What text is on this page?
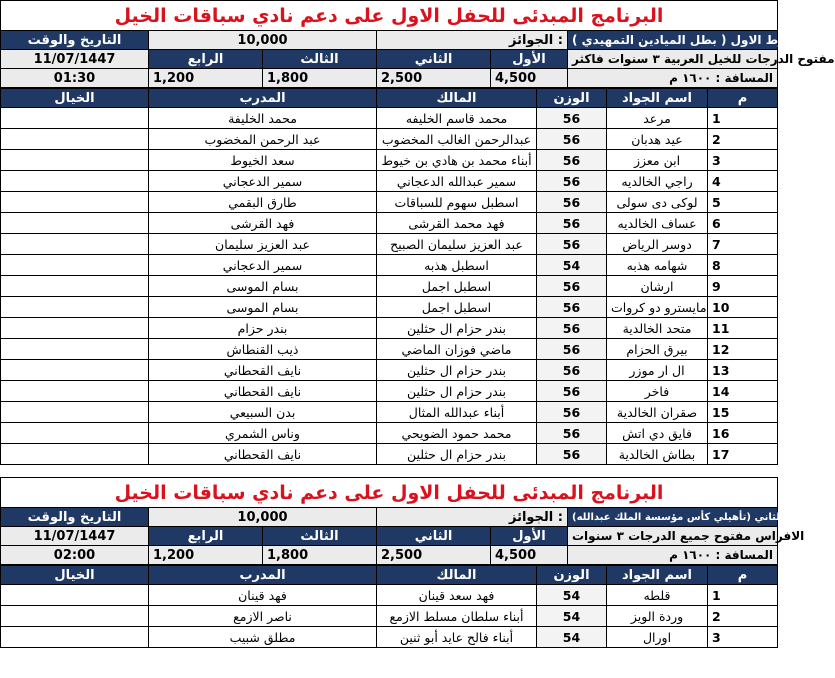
البرنامج المبدئى للحفل الاول على دعم نادي سباقات الخيل					
التاريخ والوقت	10,000		الجوائز :		الشوط الاول ( بطل الميادين التمهيدي )
11/07/1447	الرابع	الثالث	الثاني	الأول	مفتوح الدرجات للخيل العربية ٣ سنوات فاكثر
01:30	1,200	1,800	2,500	4,500	المسافة : ١٦٠٠ م
الخيال	المدرب	المالك	الوزن	اسم الجواد	م
	محمد الخليفة	محمد قاسم الخليفه	56	مرعد	1
	عبد الرحمن المخضوب	عبدالرحمن الغالب المخضوب	56	عيد هدبان	2
	سعد الخيوط	أبناء محمد بن هادي بن خيوط	56	ابن معزز	3
	سمير الدعجاني	سمير عبدالله الدعجاني	56	راجي الخالديه	4
	طارق البقمي	اسطبل سهوم للسباقات	56	لوكى دى سولى	5
	فهد القرشى	فهد محمد القرشى	56	عساف الخالديه	6
	عبد العزيز سليمان	عبد العزيز سليمان الصبيح	56	دوسر الرياض	7
	سمير الدعجاني	اسطبل هذبه	54	شهامه هذبه	8
	بسام الموسى	اسطبل اجمل	56	ارشان	9
	بسام الموسى	اسطبل اجمل	56	مايسترو دو كروات	10
	بندر حزام	بندر حزام ال حثلين	56	متحد الخالدية	11
	ذيب القنطاش	ماضي فوزان الماضي	56	بيرق الحزام	12
	نايف القحطاني	بندر حزام ال حثلين	56	ال ار موزر	13
	نايف القحطاني	بندر حزام ال حثلين	56	فاخر	14
	بدن السبيعي	أبناء عبدالله المثال	56	صقران الخالدية	15
	وناس الشمري	محمد حمود الضويحي	56	فايق دي اتش	16
	نايف القحطاني	بندر حزام ال حثلين	56	بطاش الخالدية	17
البرنامج المبدئى للحفل الاول على دعم نادي سباقات الخيل					
التاريخ والوقت	10,000		الجوائز :		الشوط الثاني (تأهيلي كأس مؤسسة الملك عبدالله)
11/07/1447	الرابع	الثالث	الثاني	الأول	الافراس مفتوح جميع الدرجات ٣ سنوات
02:00	1,200	1,800	2,500	4,500	المسافة : ١٦٠٠ م
الخيال	المدرب	المالك	الوزن	اسم الجواد	م
	فهد قينان	فهد سعد قينان	54	قلطه	1
	ناصر الازمع	أبناء سلطان مسلط الازمع	54	وردة الويز	2
	مطلق شبيب	أبناء فالح عايد أبو ثنين	54	اورال	3
